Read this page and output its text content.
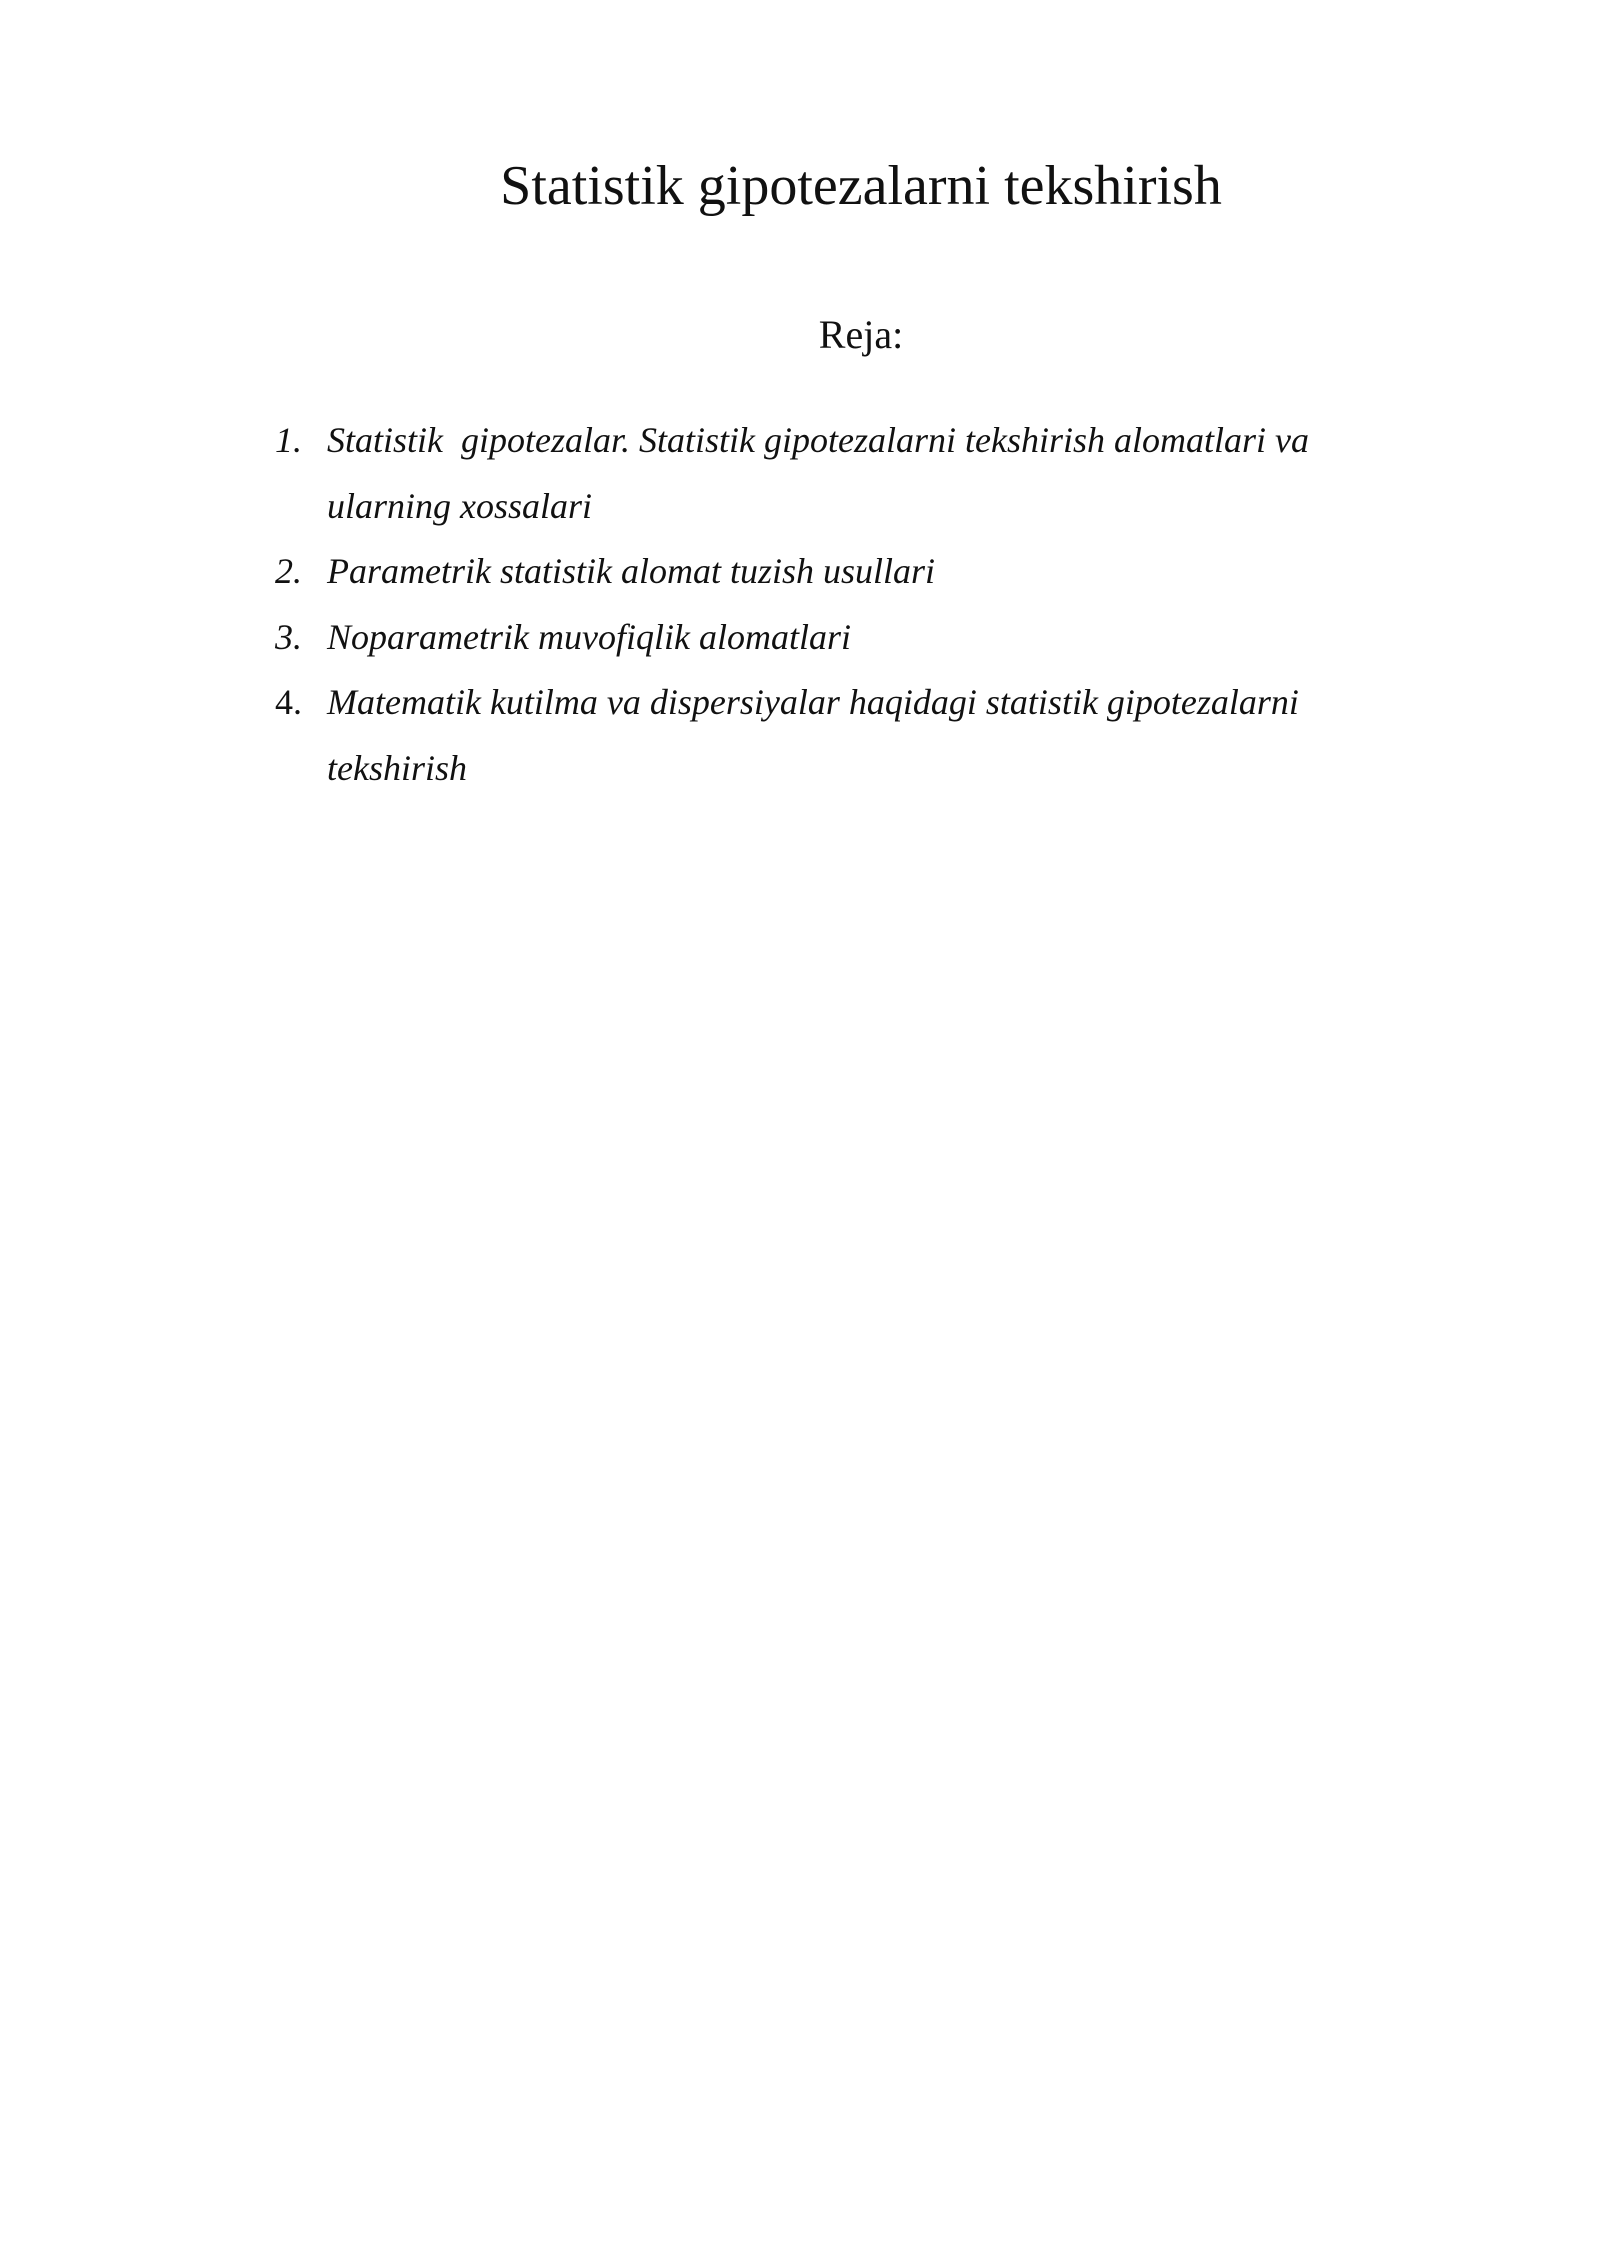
Statistik gipotezalarni tekshirish
Reja:
1. Statistik  gipotezalar. Statistik gipotezalarni tekshirish alomatlari va
ularning xossalari
2. Parametrik statistik alomat tuzish usullari
3. Noparametrik muvofiqlik alomatlari
4. Matematik kutilma va dispersiyalar haqidagi statistik gipotezalarni
tekshirish
